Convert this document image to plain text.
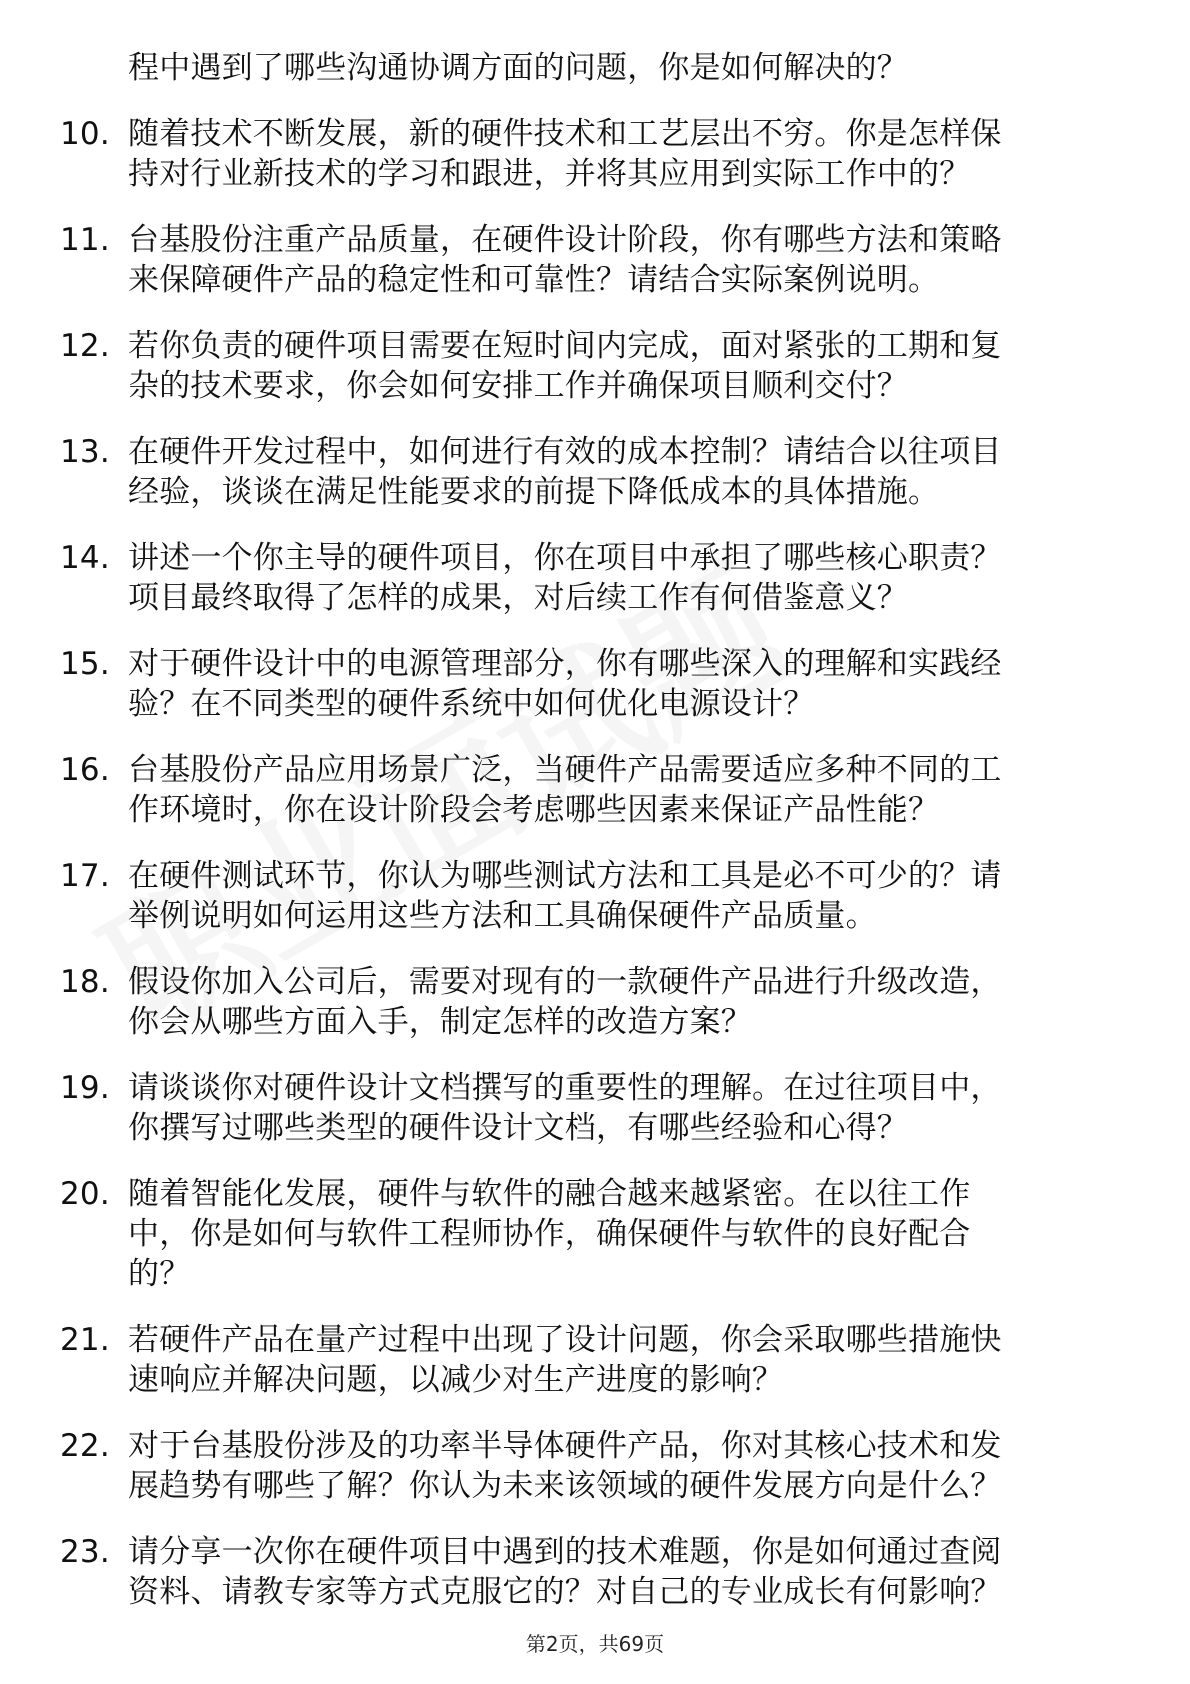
程中遇到了哪些沟通协调方面的问题，你是如何解决的？
10. 随着技术不断发展，新的硬件技术和工艺层出不穷。你是怎样保
持对行业新技术的学习和跟进，并将其应用到实际工作中的？
11. 台基股份注重产品质量，在硬件设计阶段，你有哪些方法和策略
来保障硬件产品的稳定性和可靠性？请结合实际案例说明。
12. 若你负责的硬件项目需要在短时间内完成，面对紧张的工期和复
杂的技术要求，你会如何安排工作并确保项目顺利交付？
13. 在硬件开发过程中，如何进行有效的成本控制？请结合以往项目
经验，谈谈在满足性能要求的前提下降低成本的具体措施。
14. 讲述一个你主导的硬件项目，你在项目中承担了哪些核心职责？
项目最终取得了怎样的成果，对后续工作有何借鉴意义？
15. 对于硬件设计中的电源管理部分，你有哪些深入的理解和实践经
验？在不同类型的硬件系统中如何优化电源设计？
16. 台基股份产品应用场景广泛，当硬件产品需要适应多种不同的工
作环境时，你在设计阶段会考虑哪些因素来保证产品性能？
17. 在硬件测试环节，你认为哪些测试方法和工具是必不可少的？请
举例说明如何运用这些方法和工具确保硬件产品质量。
18. 假设你加入公司后，需要对现有的一款硬件产品进行升级改造，
你会从哪些方面入手，制定怎样的改造方案？
19. 请谈谈你对硬件设计文档撰写的重要性的理解。在过往项目中，
你撰写过哪些类型的硬件设计文档，有哪些经验和心得？
20. 随着智能化发展，硬件与软件的融合越来越紧密。在以往工作
中，你是如何与软件工程师协作，确保硬件与软件的良好配合
的？
21. 若硬件产品在量产过程中出现了设计问题，你会采取哪些措施快
速响应并解决问题，以减少对生产进度的影响？
22. 对于台基股份涉及的功率半导体硬件产品，你对其核心技术和发
展趋势有哪些了解？你认为未来该领域的硬件发展方向是什么？
23. 请分享一次你在硬件项目中遇到的技术难题，你是如何通过查阅
资料、请教专家等方式克服它的？对自己的专业成长有何影响？
第2页，共69页
